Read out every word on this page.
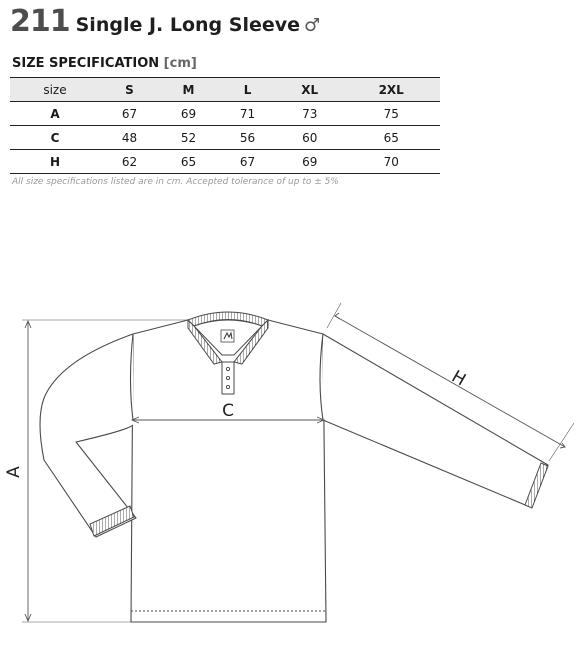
211 Single J. Long Sleeve ♂
SIZE SPECIFICATION [cm]
size	S	M	L	XL	2XL
A	67	69	71	73	75
C	48	52	56	60	65
H	62	65	67	69	70
All size specifications listed are in cm. Accepted tolerance of up to ± 5%
A
C
H
